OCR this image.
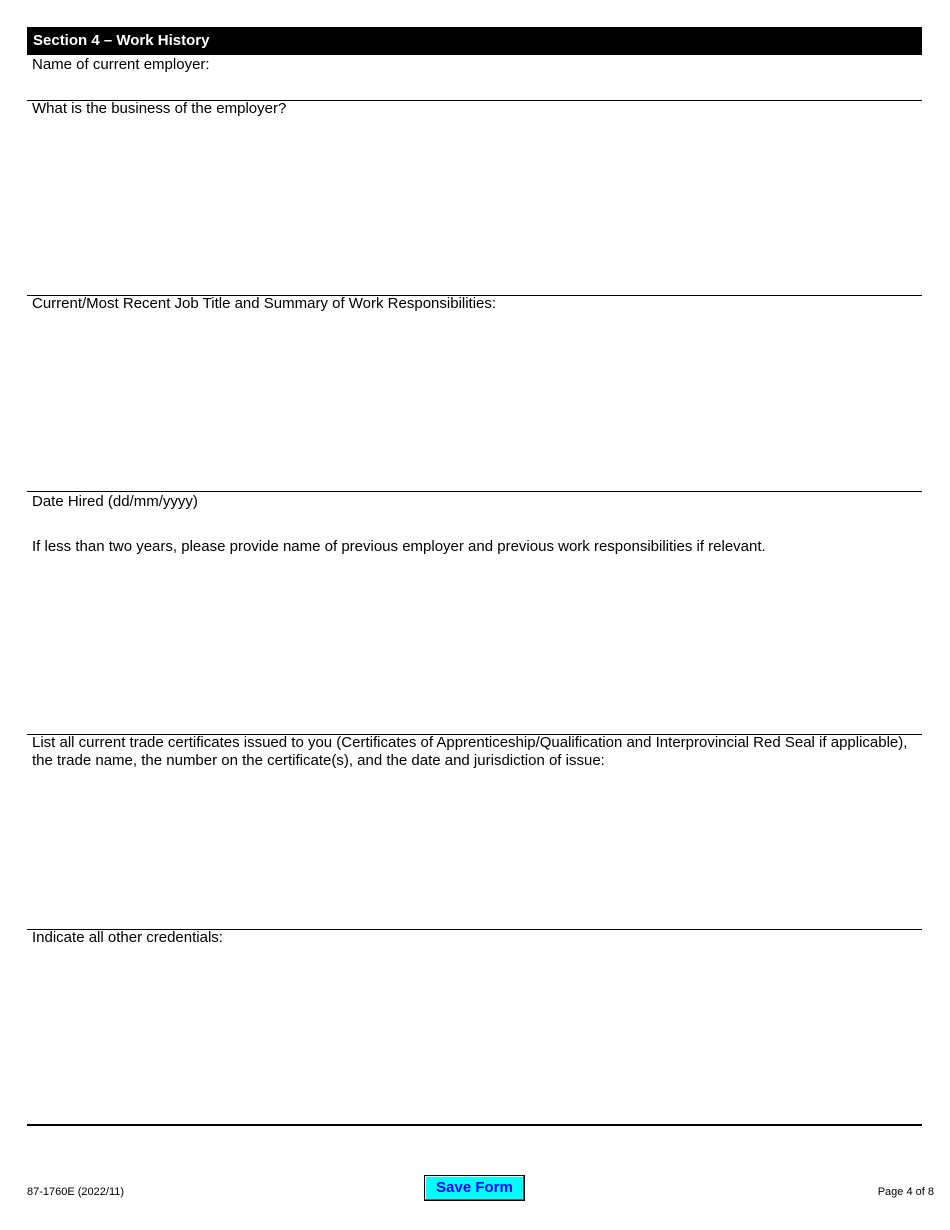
Section 4 – Work History
Name of current employer:
What is the business of the employer?
Current/Most Recent Job Title and Summary of Work Responsibilities:
Date Hired (dd/mm/yyyy)
If less than two years, please provide name of previous employer and previous work responsibilities if relevant.
List all current trade certificates issued to you (Certificates of Apprenticeship/Qualification and Interprovincial Red Seal if applicable), the trade name, the number on the certificate(s), and the date and jurisdiction of issue:
Indicate all other credentials:
87-1760E (2022/11)	Save Form	Page 4 of 8
